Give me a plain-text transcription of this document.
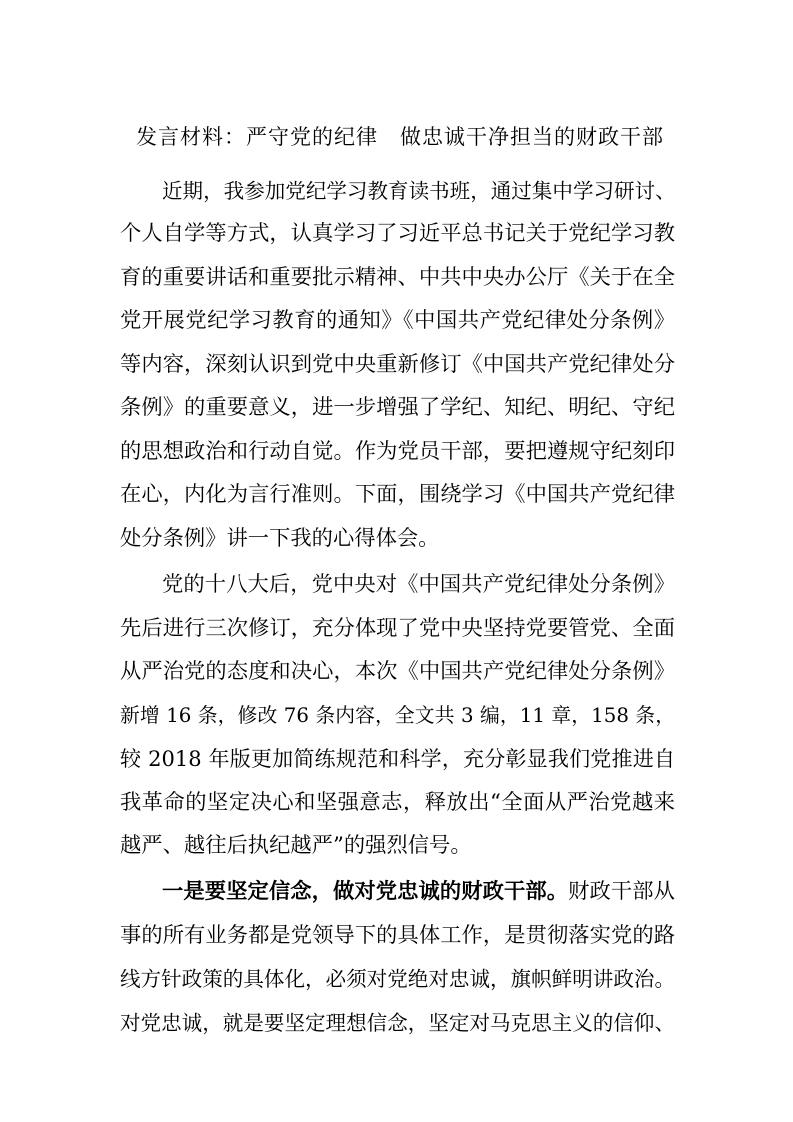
发言材料：严守党的纪律　做忠诚干净担当的财政干部
近期，我参加党纪学习教育读书班，通过集中学习研讨、
个人自学等方式，认真学习了习近平总书记关于党纪学习教
育的重要讲话和重要批示精神、中共中央办公厅《关于在全
党开展党纪学习教育的通知》《中国共产党纪律处分条例》
等内容，深刻认识到党中央重新修订《中国共产党纪律处分
条例》的重要意义，进一步增强了学纪、知纪、明纪、守纪
的思想政治和行动自觉。作为党员干部，要把遵规守纪刻印
在心，内化为言行准则。下面，围绕学习《中国共产党纪律
处分条例》讲一下我的心得体会。
党的十八大后，党中央对《中国共产党纪律处分条例》
先后进行三次修订，充分体现了党中央坚持党要管党、全面
从严治党的态度和决心，本次《中国共产党纪律处分条例》
新增 16 条，修改 76 条内容，全文共 3 编，11 章，158 条，
较 2018 年版更加简练规范和科学，充分彰显我们党推进自
我革命的坚定决心和坚强意志，释放出“全面从严治党越来
越严、越往后执纪越严”的强烈信号。
一是要坚定信念，做对党忠诚的财政干部。财政干部从
事的所有业务都是党领导下的具体工作，是贯彻落实党的路
线方针政策的具体化，必须对党绝对忠诚，旗帜鲜明讲政治。
对党忠诚，就是要坚定理想信念，坚定对马克思主义的信仰、
